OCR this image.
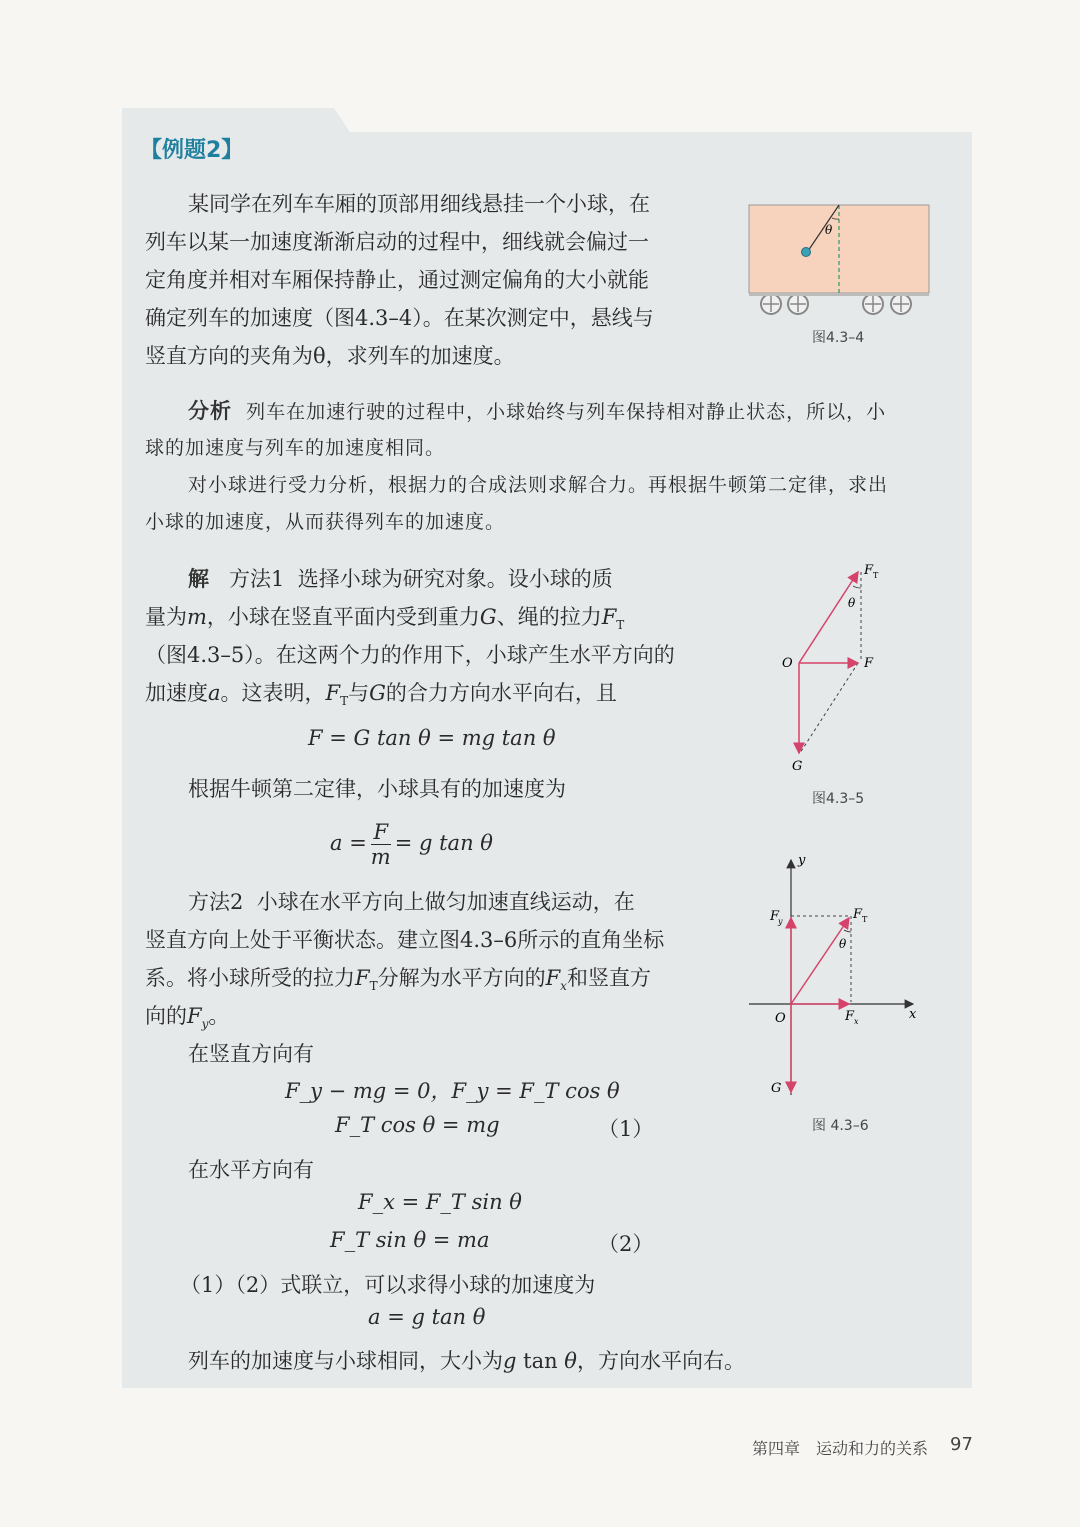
【例题2】
某同学在列车车厢的顶部用细线悬挂一个小球，在
列车以某一加速度渐渐启动的过程中，细线就会偏过一
定角度并相对车厢保持静止，通过测定偏角的大小就能
确定列车的加速度（图4.3–4）。在某次测定中，悬线与
竖直方向的夹角为θ，求列车的加速度。
θ
图4.3–4
分析 列车在加速行驶的过程中，小球始终与列车保持相对静止状态，所以，小
球的加速度与列车的加速度相同。
对小球进行受力分析，根据力的合成法则求解合力。再根据牛顿第二定律，求出
小球的加速度，从而获得列车的加速度。
解 方法1 选择小球为研究对象。设小球的质
量为m，小球在竖直平面内受到重力G、绳的拉力$F_T$
（图4.3–5）。在这两个力的作用下，小球产生水平方向的
加速度a。这表明，$F_T$与G的合力方向水平向右，且
F = G tan θ = mg tan θ
根据牛顿第二定律，小球具有的加速度为
$a = \frac{F}{m} = g$ tan θ
θ
F T
O	F
G
图4.3–5
方法2 小球在水平方向上做匀加速直线运动，在
竖直方向上处于平衡状态。建立图4.3–6所示的直角坐标
系。将小球所受的拉力$F_T$分解为水平方向的$F_x$和竖直方
向的$F_y$。
在竖直方向有
F_y − mg = 0，F_y = F_T cos θ
F_T cos θ = mg	（1）
在水平方向有
F_x = F_T sin θ
F_T sin θ = ma	（2）
（1）（2）式联立，可以求得小球的加速度为
a = g tan θ
列车的加速度与小球相同，大小为g tan θ，方向水平向右。
θ
F T
F
y
F x
O	x
y
G
图 4.3–6
第四章　运动和力的关系 97
